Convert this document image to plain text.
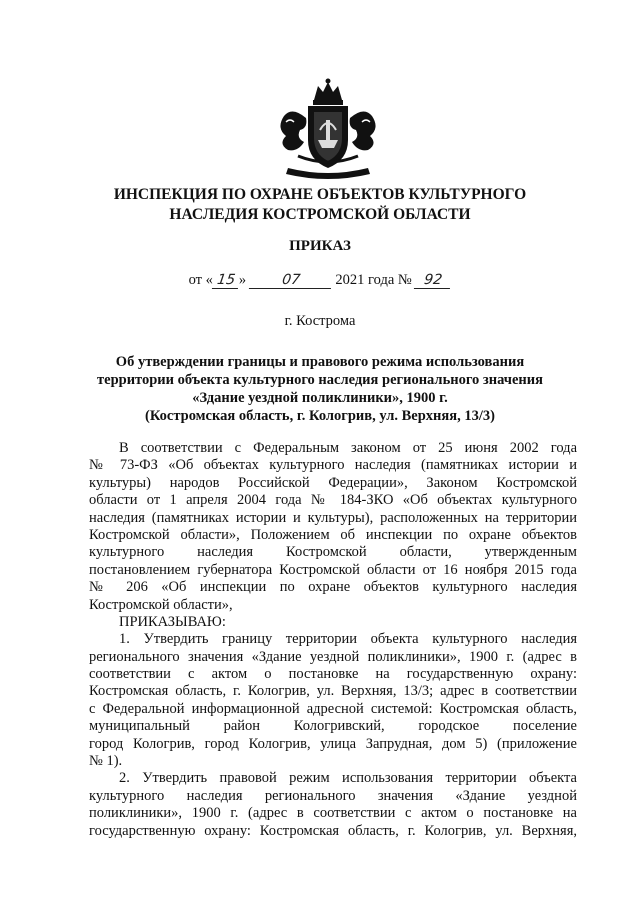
ИНСПЕКЦИЯ ПО ОХРАНЕ ОБЪЕКТОВ КУЛЬТУРНОГО
НАСЛЕДИЯ КОСТРОМСКОЙ ОБЛАСТИ
ПРИКАЗ
от « 15 » 07 2021 года № 92
г. Кострома
Об утверждении границы и правового режима использования
территории объекта культурного наследия регионального значения
«Здание уездной поликлиники», 1900 г.
(Костромская область, г. Кологрив, ул. Верхняя, 13/3)
В соответствии с Федеральным законом от 25 июня 2002 года
№ 73-ФЗ «Об объектах культурного наследия (памятниках истории и
культуры) народов Российской Федерации», Законом Костромской
области от 1 апреля 2004 года № 184-ЗКО «Об объектах культурного
наследия (памятниках истории и культуры), расположенных на территории
Костромской области», Положением об инспекции по охране объектов
культурного наследия Костромской области, утвержденным
постановлением губернатора Костромской области от 16 ноября 2015 года
№ 206 «Об инспекции по охране объектов культурного наследия
Костромской области»,
ПРИКАЗЫВАЮ:
1. Утвердить границу территории объекта культурного наследия
регионального значения «Здание уездной поликлиники», 1900 г. (адрес в
соответствии с актом о постановке на государственную охрану:
Костромская область, г. Кологрив, ул. Верхняя, 13/3; адрес в соответствии
с Федеральной информационной адресной системой: Костромская область,
муниципальный район Кологривский, городское поселение
город Кологрив, город Кологрив, улица Запрудная, дом 5) (приложение
№ 1).
2. Утвердить правовой режим использования территории объекта
культурного наследия регионального значения «Здание уездной
поликлиники», 1900 г. (адрес в соответствии с актом о постановке на
государственную охрану: Костромская область, г. Кологрив, ул. Верхняя,
